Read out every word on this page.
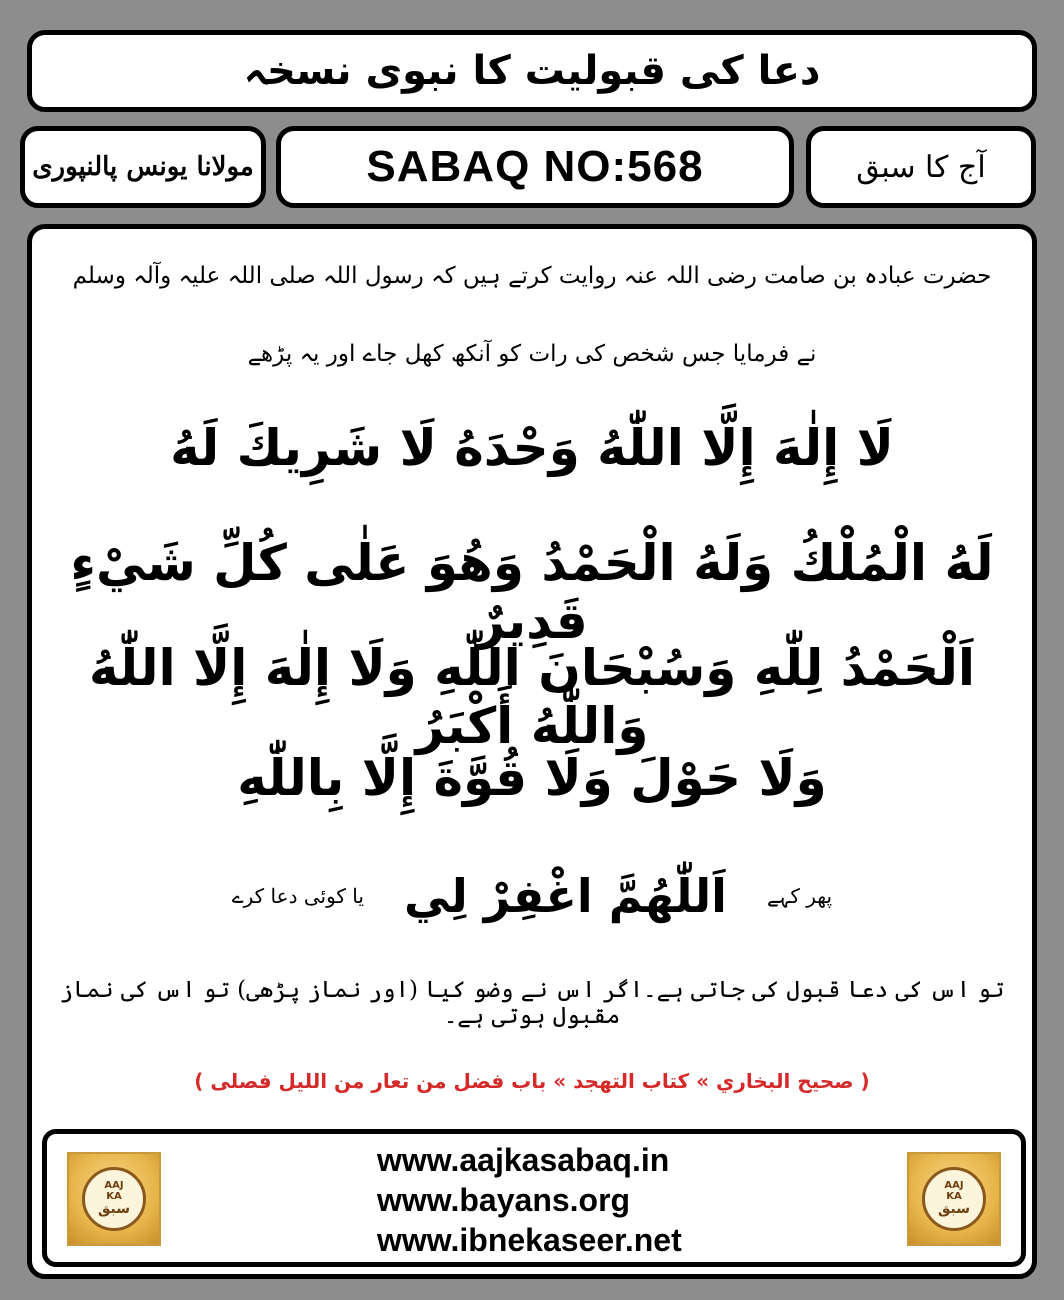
دعا کی قبولیت کا نبوی نسخہ
مولانا یونس پالنپوری	SABAQ NO:568	آج کا سبق
حضرت عبادہ بن صامت رضی اللہ عنہ روایت کرتے ہیں کہ رسول اللہ صلی اللہ علیہ وآلہ وسلم
نے فرمایا جس شخص کی رات کو آنکھ کھل جاے اور یہ پڑھے
لَا إِلٰهَ إِلَّا اللّٰهُ وَحْدَهُ لَا شَرِيكَ لَهُ
لَهُ الْمُلْكُ وَلَهُ الْحَمْدُ وَهُوَ عَلٰى كُلِّ شَيْءٍ قَدِيرٌ
اَلْحَمْدُ لِلّٰهِ وَسُبْحَانَ اللّٰهِ وَلَا إِلٰهَ إِلَّا اللّٰهُ وَاللّٰهُ أَكْبَرُ
وَلَا حَوْلَ وَلَا قُوَّةَ إِلَّا بِاللّٰهِ
پھر کہے
اَللّٰهُمَّ اغْفِرْ لِي
یا کوئی دعا کرے
تو اس کی دعا قبول کی جاتی ہے۔اگر اس نے وضو کیا (اور نماز پڑھی) تو اس کی نماز مقبول ہوتی ہے۔
( صحيح البخاري » كتاب التهجد » باب فضل من تعار من الليل فصلى )
AAJ
KA
سبق
www.aajkasabaq.in
www.bayans.org
www.ibnekaseer.net
AAJ
KA
سبق
